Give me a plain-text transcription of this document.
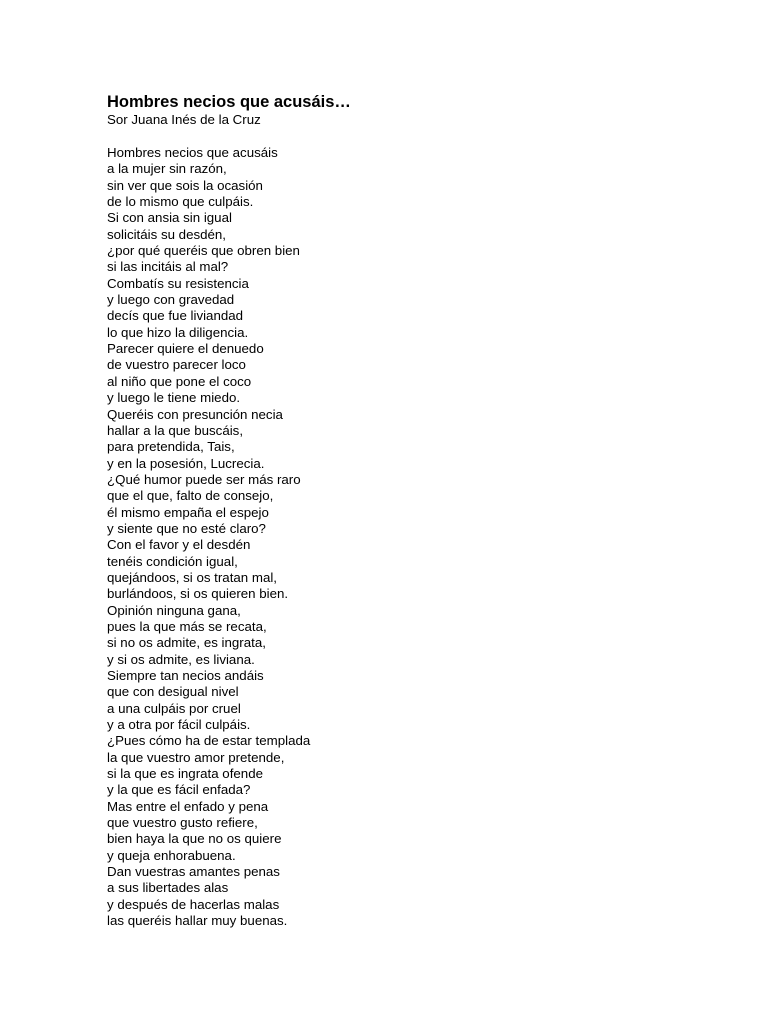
Hombres necios que acusáis…

Sor Juana Inés de la Cruz

Hombres necios que acusáis
a la mujer sin razón,
sin ver que sois la ocasión
de lo mismo que culpáis.
Si con ansia sin igual
solicitáis su desdén,
¿por qué queréis que obren bien
si las incitáis al mal?
Combatís su resistencia
y luego con gravedad
decís que fue liviandad
lo que hizo la diligencia.
Parecer quiere el denuedo
de vuestro parecer loco
al niño que pone el coco
y luego le tiene miedo.
Queréis con presunción necia
hallar a la que buscáis,
para pretendida, Tais,
y en la posesión, Lucrecia.
¿Qué humor puede ser más raro
que el que, falto de consejo,
él mismo empaña el espejo
y siente que no esté claro?
Con el favor y el desdén
tenéis condición igual,
quejándoos, si os tratan mal,
burlándoos, si os quieren bien.
Opinión ninguna gana,
pues la que más se recata,
si no os admite, es ingrata,
y si os admite, es liviana.
Siempre tan necios andáis
que con desigual nivel
a una culpáis por cruel
y a otra por fácil culpáis.
¿Pues cómo ha de estar templada
la que vuestro amor pretende,
si la que es ingrata ofende
y la que es fácil enfada?
Mas entre el enfado y pena
que vuestro gusto refiere,
bien haya la que no os quiere
y queja enhorabuena.
Dan vuestras amantes penas
a sus libertades alas
y después de hacerlas malas
las queréis hallar muy buenas.
